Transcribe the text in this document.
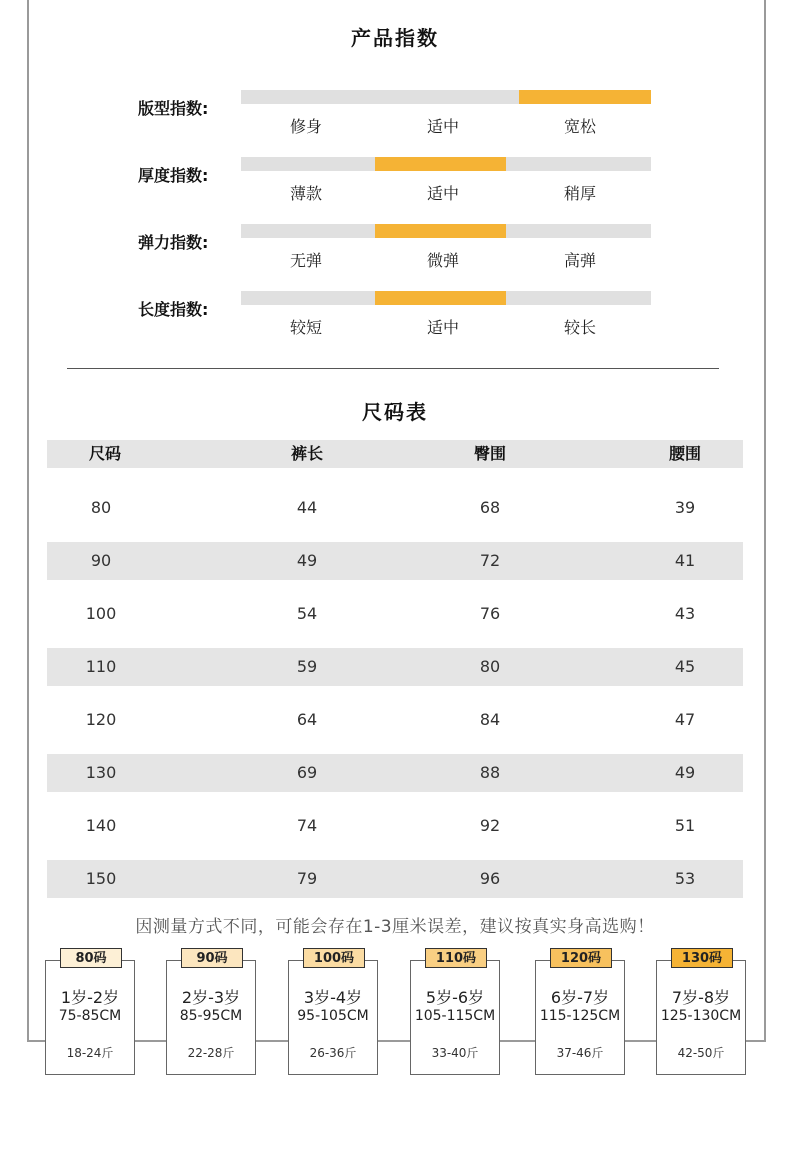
产品指数
版型指数:
修身	适中	宽松
厚度指数:
薄款	适中	稍厚
弹力指数:
无弹	微弹	高弹
长度指数:
较短	适中	较长
尺码表
尺码	裤长	臀围	腰围
80	44	68	39
90	49	72	41
100	54	76	43
110	59	80	45
120	64	84	47
130	69	88	49
140	74	92	51
150	79	96	53
因测量方式不同，可能会存在1-3厘米误差，建议按真实身高选购！
1岁-2岁
75-85CM
18-24斤
80码
2岁-3岁
85-95CM
22-28斤
90码
3岁-4岁
95-105CM
26-36斤
100码
5岁-6岁
105-115CM
33-40斤
110码
6岁-7岁
115-125CM
37-46斤
120码
7岁-8岁
125-130CM
42-50斤
130码
